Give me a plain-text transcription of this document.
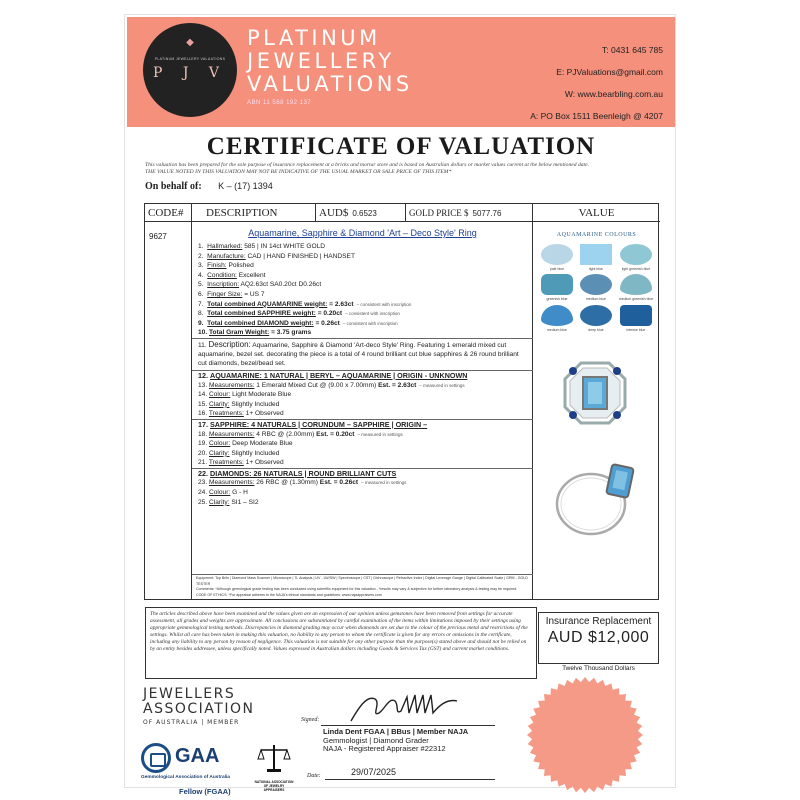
◆
PLATINUM JEWELLERY VALUATIONS
P J V
PLATINUM
JEWELLERY
VALUATIONS
ABN 11 588 192 137
T: 0431 645 785
E: PJValuations@gmail.com
W: www.bearbling.com.au
A: PO Box 1511 Beenleigh @ 4207
CERTIFICATE OF VALUATION
This valuation has been prepared for the sole purpose of insurance replacement at a bricks and mortar store and is based on Australian dollars or market values current at the below mentioned date.
THE VALUE NOTED IN THIS VALUATION MAY NOT BE INDICATIVE OF THE USUAL MARKET OR SALE PRICE OF THIS ITEM*
On behalf of: K – (17) 1394
CODE#	DESCRIPTION	AUD$ 0.6523	GOLD PRICE $ 5077.76	VALUE
9627	Aquamarine, Sapphire & Diamond 'Art – Deco Style' Ring
1. Hallmarked: 585 | IN 14ct WHITE GOLD
2. Manufacture: CAD | HAND FINISHED | HANDSET
3. Finish: Polished
4. Condition: Excellent
5. Inscription: AQ2.63ct SA0.20ct D0.26ct
6. Finger Size: = US 7
7. Total combined AQUAMARINE weight: = 2.63ct – consistent with inscription
8. Total combined SAPPHIRE weight: = 0.20ct – consistent with inscription
9. Total combined DIAMOND weight: = 0.26ct – consistent with inscription
10. Total Gram Weight: = 3.75 grams
11. Description: Aquamarine, Sapphire & Diamond 'Art-deco Style' Ring. Featuring 1 emerald mixed cut aquamarine, bezel set. decorating the piece is a total of 4 round brilliant cut blue sapphires & 26 round brilliant cut diamonds, bezel/bead set.
12. AQUAMARINE: 1 NATURAL | BERYL – AQUAMARINE | ORIGIN - UNKNOWN
13. Measurements: 1 Emerald Mixed Cut @ (9.00 x 7.00mm) Est. = 2.63ct – measured in settings
14. Colour: Light Moderate Blue
15. Clarity: Slightly Included
16. Treatments: 1+ Observed
17. SAPPHIRE: 4 NATURALS | CORUNDUM – SAPPHIRE | ORIGIN –
18. Measurements: 4 RBC @ (2.00mm) Est. = 0.20ct – measured in settings
19. Colour: Deep Moderate Blue
20. Clarity: Slightly Included
21. Treatments: 1+ Observed
22. DIAMONDS: 26 NATURALS | ROUND BRILLIANT CUTS
23. Measurements: 26 RBC @ (1.30mm) Est. = 0.26ct – measured in settings
24. Colour: G - H
25. Clarity: SI1 – SI2
Equipment: Top Brils | Diamond Mass Scanner | Microscope | 7L Analysis | UV - LW/SW | Spectroscope | CST | Dichroscope | Refractive Index | Digital Leverage Gauge | Digital Calibrated Scale | GRM - GOLD TESTER
Comments: *Although gemological grade testing has been conducted using scientific equipment for this valuation - *results may vary & subjective for further laboratory analysis & testing may be required.
CODE OF ETHICS: *For appraisal adheres to the NAJA's ethical standards and guidelines: www.najaappraisers.com
AQUAMARINE COLOURS
pale blue	light blue	light greenish blue
greenish blue	medium blue	medium greenish blue
medium blue	deep blue	intense blue
The articles described above have been examined and the values given are an expression of our opinion unless gemstones have been removed from settings for accurate assessment, all grades and weights are approximate. All conclusions are substantiated by careful examination of the items within limitations imposed by their settings using appropriate gemmological testing methods. Discrepancies in diamond grading may occur when diamonds are set due to the colour of the precious metal and restrictions of the settings. Whilst all care has been taken in making this valuation, no liability to any person to whom the certificate is given for any errors or omissions in the certificate, including any liability to any person by reason of negligence. This valuation is not suitable for any other purpose than the purpose(s) stated above and should not be relied on by an entity besides addressee, unless specifically noted. Values expressed in Australian dollars including Goods & Services Tax (GST) and current market conditions.
Insurance Replacement
AUD $12,000
Twelve Thousand Dollars
JEWELLERS
ASSOCIATION
OF AUSTRALIA | MEMBER
GAA
Gemmological Association of Australia
Fellow (FGAA)
NATIONAL ASSOCIATION OF JEWELRY APPRAISERS
Signed:
Linda Dent FGAA | BBus | Member NAJA
Gemmologist | Diamond Grader
NAJA - Registered Appraiser #22312
Date:	29/07/2025
